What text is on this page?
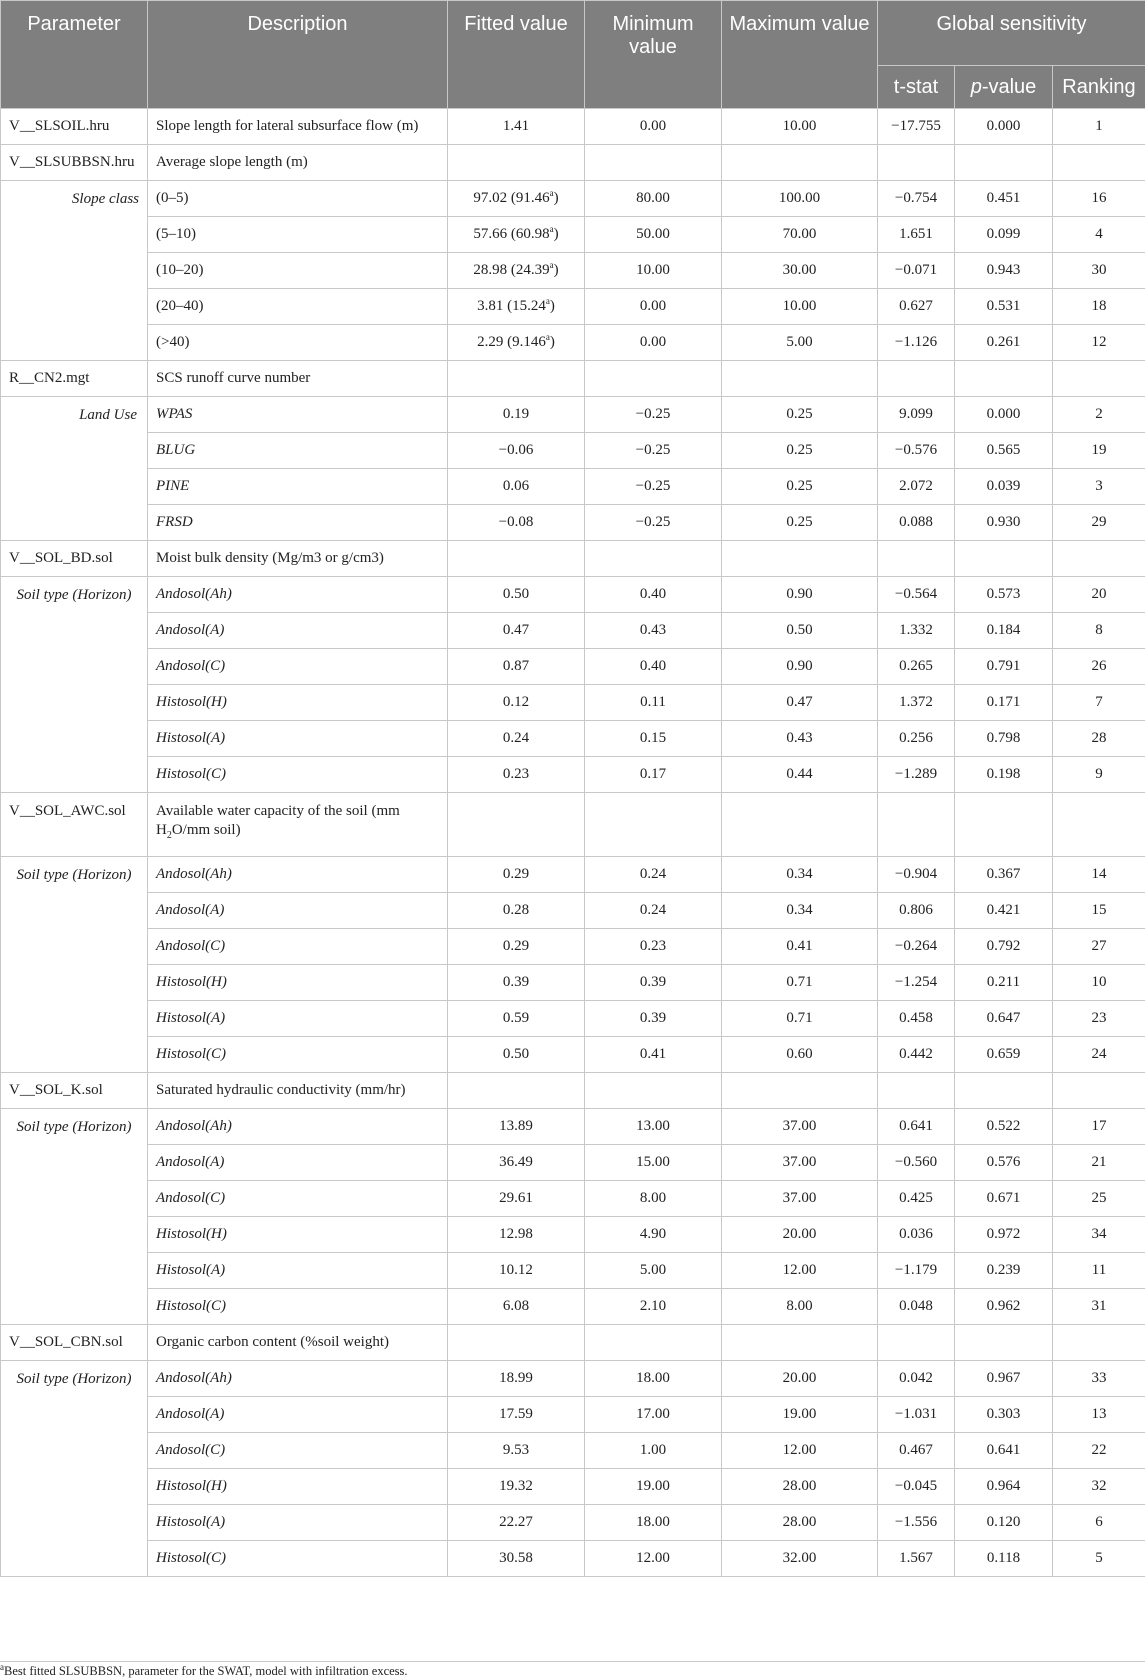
Parameter	Description	Fitted value	Minimum value	Maximum value	Global sensitivity		
					t-stat	p-value	Ranking
V__SLSOIL.hru	Slope length for lateral subsurface flow (m)	1.41	0.00	10.00	−17.755	0.000	1
V__SLSUBBSN.hru	Average slope length (m)						
Slope class	(0–5)	97.02 (91.46$^a$)	80.00	100.00	−0.754	0.451	16
	(5–10)	57.66 (60.98$^a$)	50.00	70.00	1.651	0.099	4
	(10–20)	28.98 (24.39$^a$)	10.00	30.00	−0.071	0.943	30
	(20–40)	3.81 (15.24$^a$)	0.00	10.00	0.627	0.531	18
	(>40)	2.29 (9.146$^a$)	0.00	5.00	−1.126	0.261	12
R__CN2.mgt	SCS runoff curve number						
Land Use	WPAS	0.19	−0.25	0.25	9.099	0.000	2
	BLUG	−0.06	−0.25	0.25	−0.576	0.565	19
	PINE	0.06	−0.25	0.25	2.072	0.039	3
	FRSD	−0.08	−0.25	0.25	0.088	0.930	29
V__SOL_BD.sol	Moist bulk density (Mg/m3 or g/cm3)						
Soil type (Horizon)	Andosol(Ah)	0.50	0.40	0.90	−0.564	0.573	20
	Andosol(A)	0.47	0.43	0.50	1.332	0.184	8
	Andosol(C)	0.87	0.40	0.90	0.265	0.791	26
	Histosol(H)	0.12	0.11	0.47	1.372	0.171	7
	Histosol(A)	0.24	0.15	0.43	0.256	0.798	28
	Histosol(C)	0.23	0.17	0.44	−1.289	0.198	9
V__SOL_AWC.sol	Available water capacity of the soil (mm $H_2O/mm$ soil)						
Soil type (Horizon)	Andosol(Ah)	0.29	0.24	0.34	−0.904	0.367	14
	Andosol(A)	0.28	0.24	0.34	0.806	0.421	15
	Andosol(C)	0.29	0.23	0.41	−0.264	0.792	27
	Histosol(H)	0.39	0.39	0.71	−1.254	0.211	10
	Histosol(A)	0.59	0.39	0.71	0.458	0.647	23
	Histosol(C)	0.50	0.41	0.60	0.442	0.659	24
V__SOL_K.sol	Saturated hydraulic conductivity (mm/hr)						
Soil type (Horizon)	Andosol(Ah)	13.89	13.00	37.00	0.641	0.522	17
	Andosol(A)	36.49	15.00	37.00	−0.560	0.576	21
	Andosol(C)	29.61	8.00	37.00	0.425	0.671	25
	Histosol(H)	12.98	4.90	20.00	0.036	0.972	34
	Histosol(A)	10.12	5.00	12.00	−1.179	0.239	11
	Histosol(C)	6.08	2.10	8.00	0.048	0.962	31
V__SOL_CBN.sol	Organic carbon content (%soil weight)						
Soil type (Horizon)	Andosol(Ah)	18.99	18.00	20.00	0.042	0.967	33
	Andosol(A)	17.59	17.00	19.00	−1.031	0.303	13
	Andosol(C)	9.53	1.00	12.00	0.467	0.641	22
	Histosol(H)	19.32	19.00	28.00	−0.045	0.964	32
	Histosol(A)	22.27	18.00	28.00	−1.556	0.120	6
	Histosol(C)	30.58	12.00	32.00	1.567	0.118	5
$^a$Best fitted SLSUBBSN, parameter for the SWAT, model with infiltration excess.
